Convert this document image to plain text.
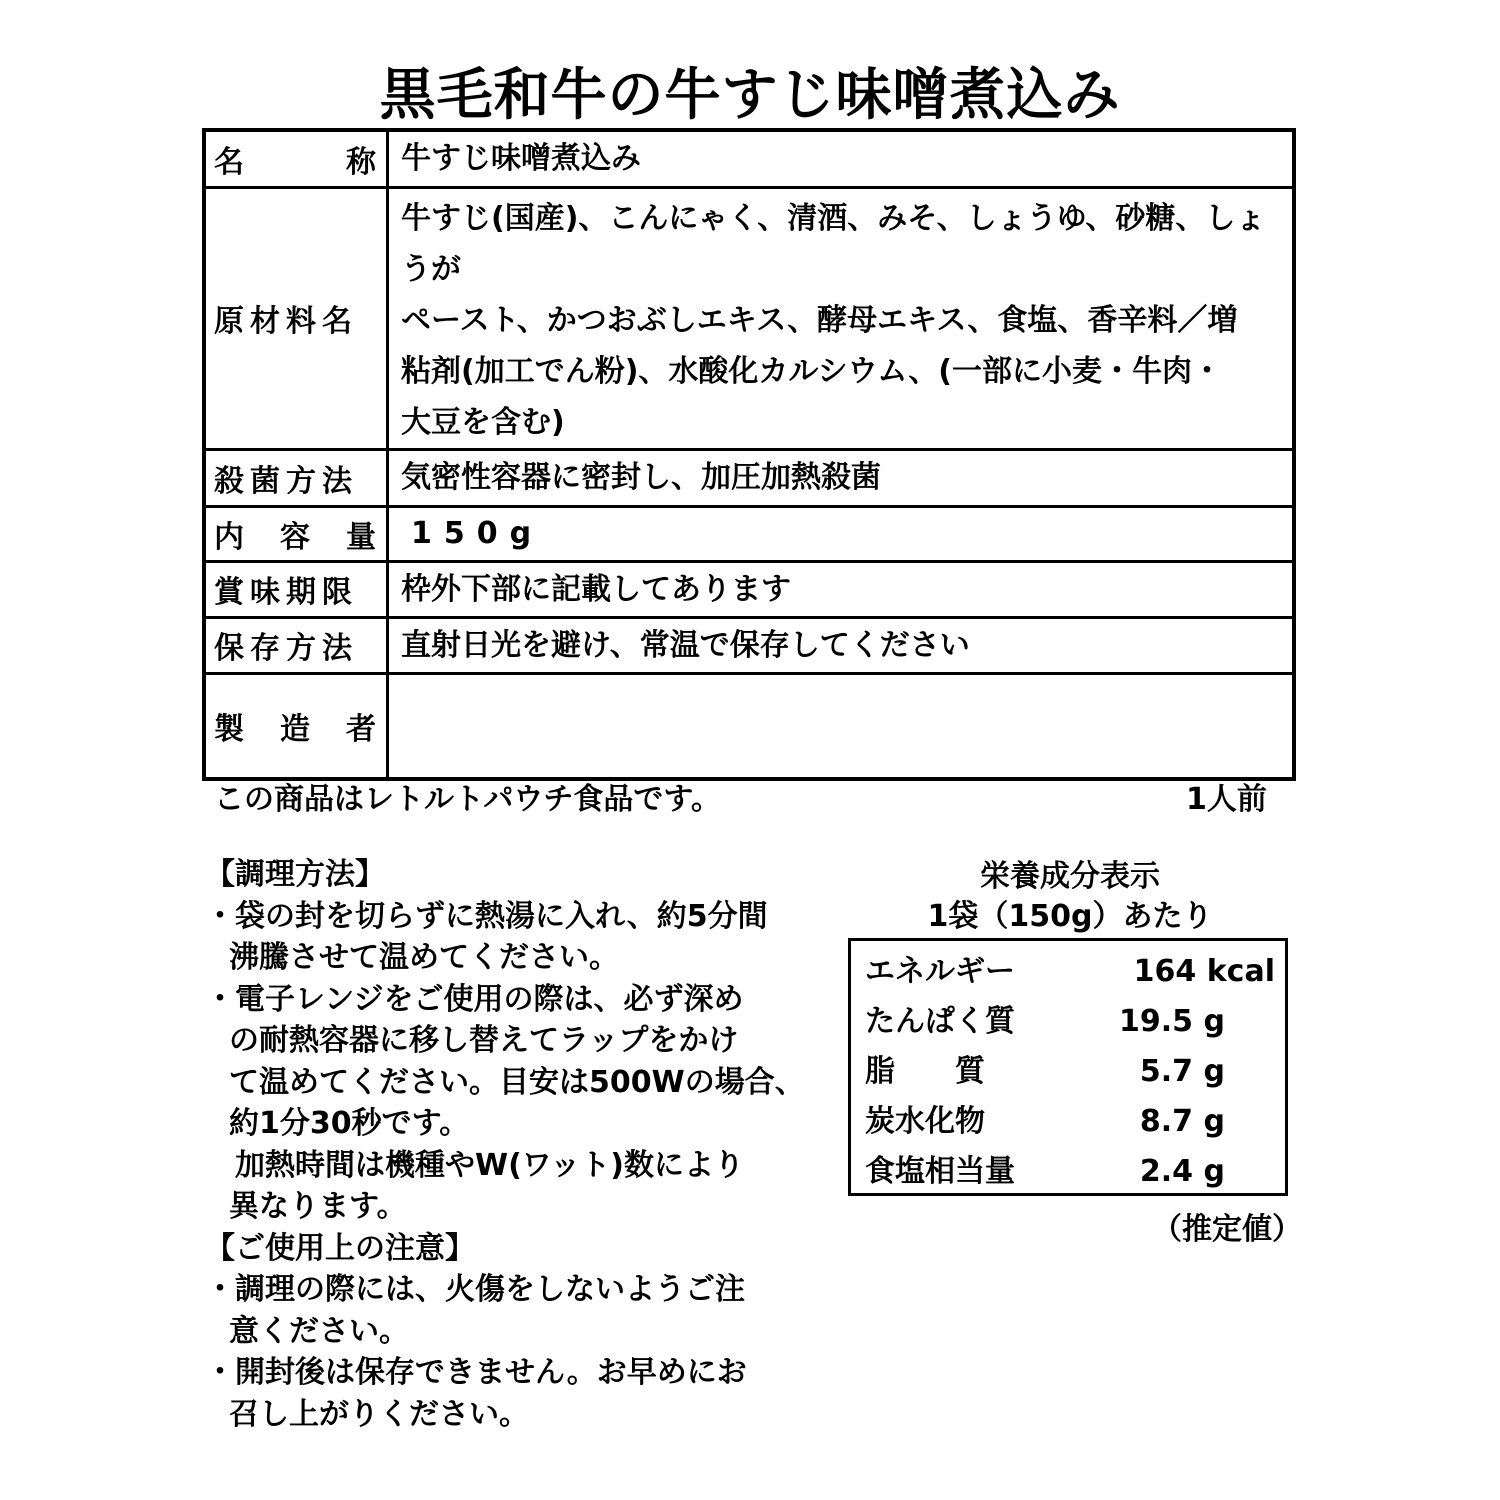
黒毛和牛の牛すじ味噌煮込み
名 称	牛すじ味噌煮込み
原材料名	牛すじ(国産)、こんにゃく、清酒、みそ、しょうゆ、砂糖、しょうが
ペースト、かつおぶしエキス、酵母エキス、食塩、香辛料／増
粘剤(加工でん粉)、水酸化カルシウム、(一部に小麦・牛肉・
大豆を含む)

殺菌方法	気密性容器に密封し、加圧加熱殺菌

内 容 量	150g
賞味期限	枠外下部に記載してあります
保存方法	直射日光を避け、常温で保存してください

製 造 者	

この商品はレトルトパウチ食品です。	1人前

【調理方法】

・袋の封を切らずに熱湯に入れ、約5分間

沸騰させて温めてください。

・電子レンジをご使用の際は、必ず深め

の耐熱容器に移し替えてラップをかけ

て温めてください。目安は500Wの場合、

約1分30秒です。

加熱時間は機種やW(ワット)数により

異なります。

【ご使用上の注意】

・調理の際には、火傷をしないようご注

意ください。

・開封後は保存できません。お早めにお

召し上がりください。

栄養成分表示
1袋（150g）あたり
エネルギー	164 kcal
たんぱく質	19.5 g
脂　　質	5.7 g
炭水化物	8.7 g
食塩相当量	2.4 g
（推定値）
